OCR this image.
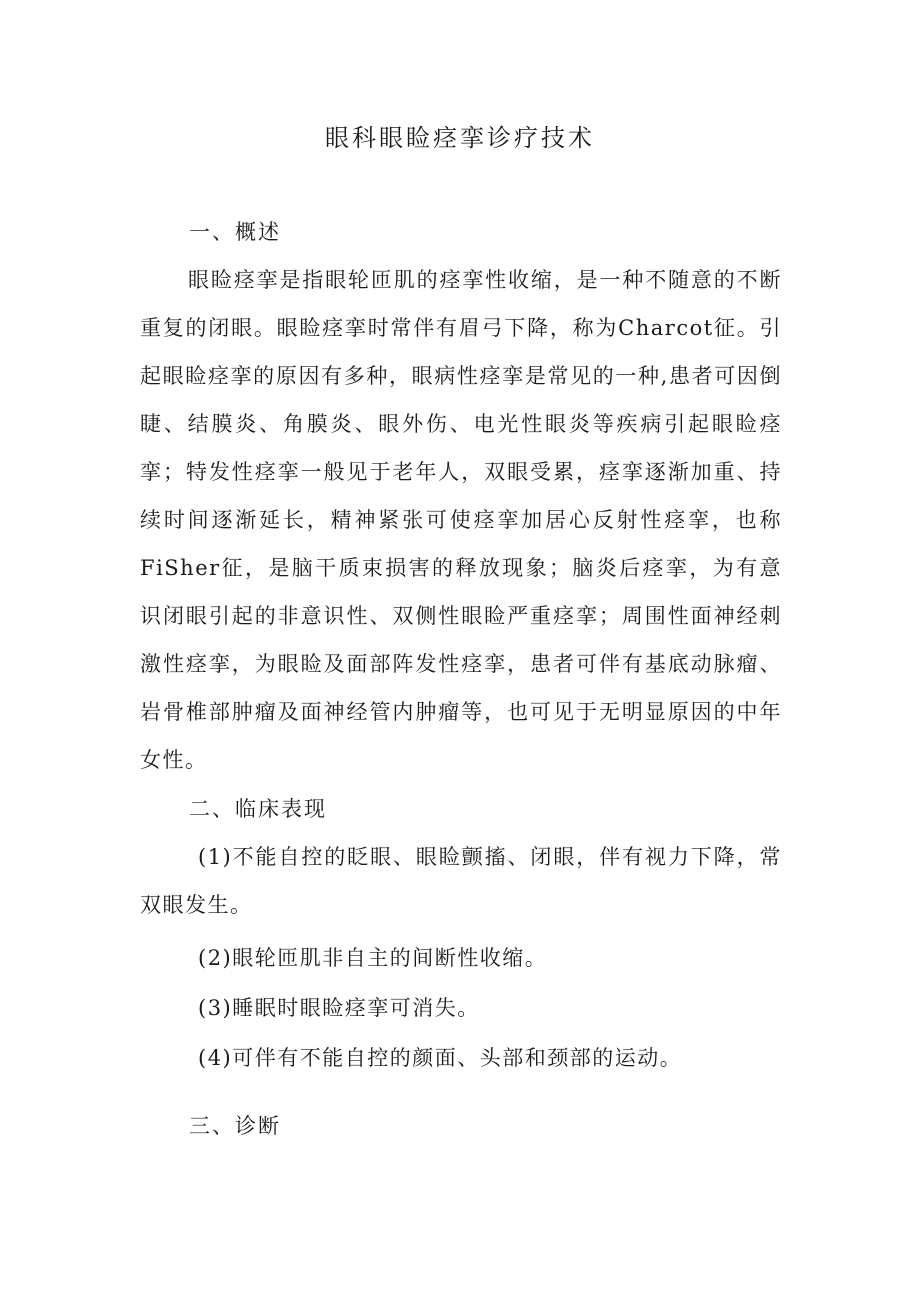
眼科眼睑痉挛诊疗技术
一、概述

眼睑痉挛是指眼轮匝肌的痉挛性收缩，是一种不随意的不断重复的闭眼。眼睑痉挛时常伴有眉弓下降，称为Charcot征。引起眼睑痉挛的原因有多种，眼病性痉挛是常见的一种,患者可因倒睫、结膜炎、角膜炎、眼外伤、电光性眼炎等疾病引起眼睑痉挛；特发性痉挛一般见于老年人，双眼受累，痉挛逐渐加重、持续时间逐渐延长，精神紧张可使痉挛加居心反射性痉挛，也称FiSher征，是脑干质束损害的释放现象；脑炎后痉挛，为有意识闭眼引起的非意识性、双侧性眼睑严重痉挛；周围性面神经刺激性痉挛，为眼睑及面部阵发性痉挛，患者可伴有基底动脉瘤、岩骨椎部肿瘤及面神经管内肿瘤等，也可见于无明显原因的中年女性。

二、临床表现

(1)不能自控的眨眼、眼睑颤搐、闭眼，伴有视力下降，常双眼发生。

(2)眼轮匝肌非自主的间断性收缩。

(3)睡眠时眼睑痉挛可消失。

(4)可伴有不能自控的颜面、头部和颈部的运动。

三、诊断
